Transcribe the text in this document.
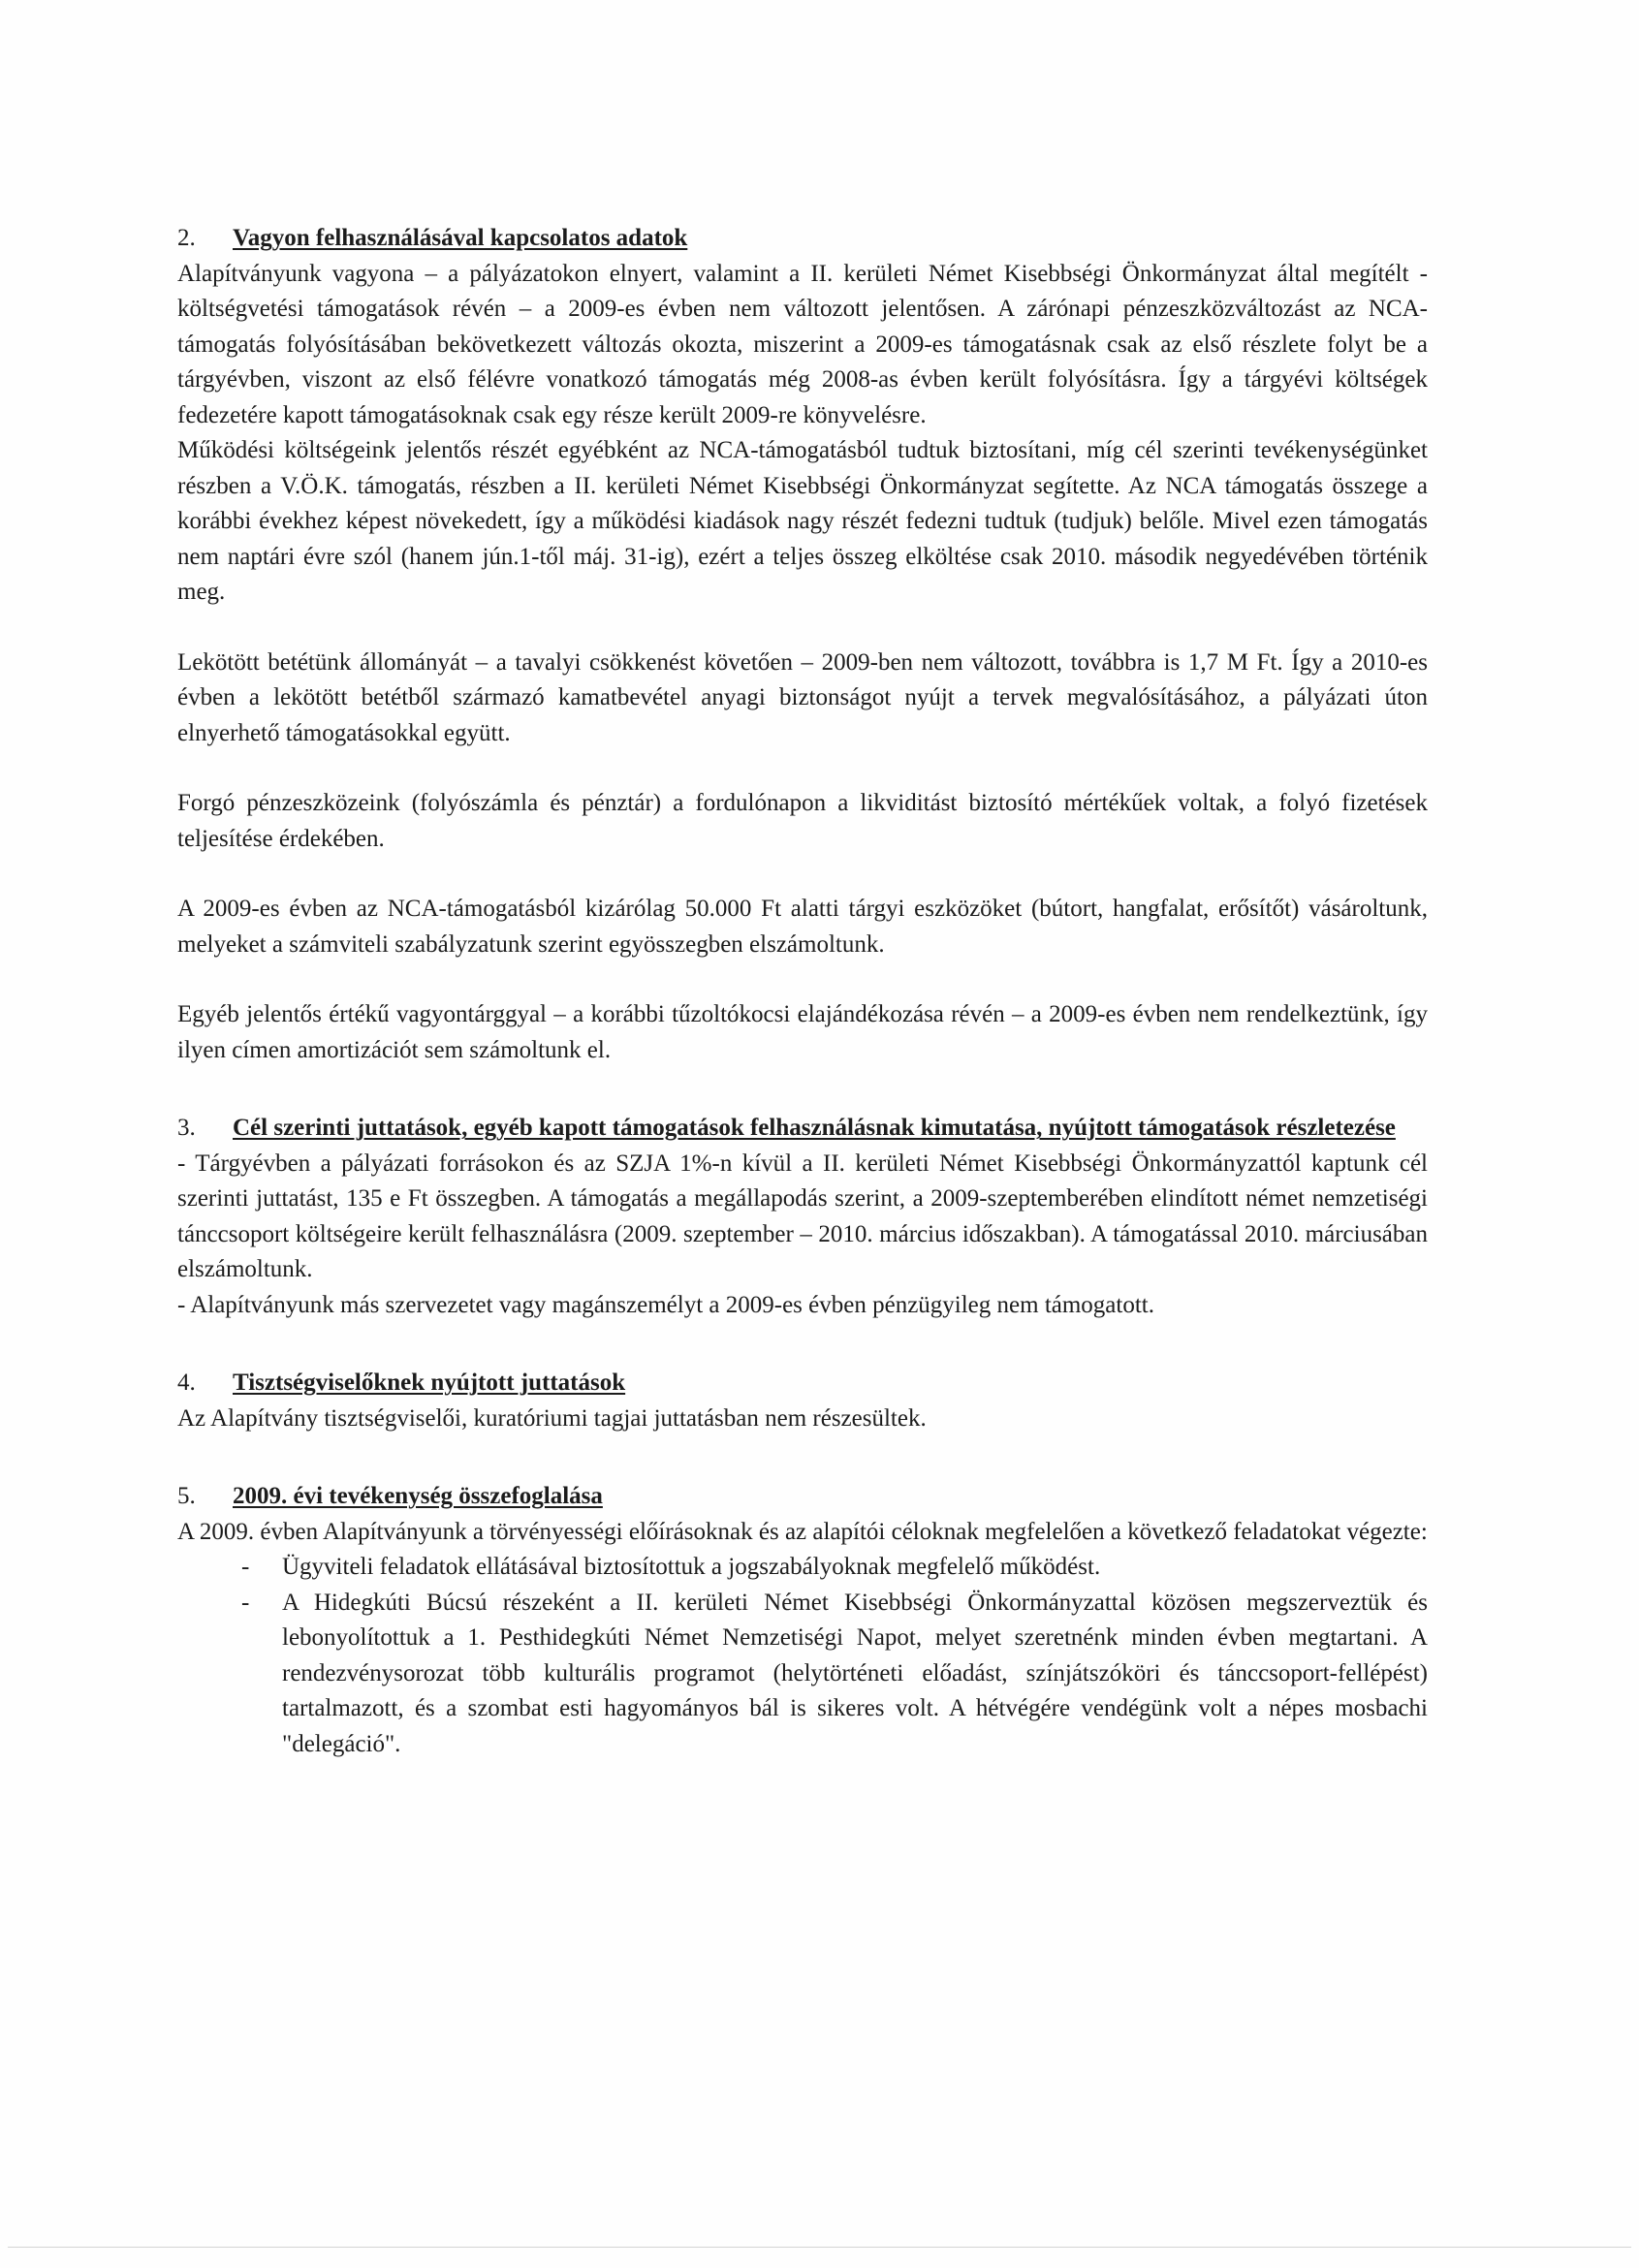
2.	Vagyon felhasználásával kapcsolatos adatok

Alapítványunk vagyona – a pályázatokon elnyert, valamint a II. kerületi Német Kisebbségi Önkormányzat által megítélt - költségvetési támogatások révén – a 2009-es évben nem változott jelentősen. A zárónapi pénzeszközváltozást az NCA-támogatás folyósításában bekövetkezett változás okozta, miszerint a 2009-es támogatásnak csak az első részlete folyt be a tárgyévben, viszont az első félévre vonatkozó támogatás még 2008-as évben került folyósításra. Így a tárgyévi költségek fedezetére kapott támogatásoknak csak egy része került 2009-re könyvelésre.

Működési költségeink jelentős részét egyébként az NCA-támogatásból tudtuk biztosítani, míg cél szerinti tevékenységünket részben a V.Ö.K. támogatás, részben a II. kerületi Német Kisebbségi Önkormányzat segítette. Az NCA támogatás összege a korábbi évekhez képest növekedett, így a működési kiadások nagy részét fedezni tudtuk (tudjuk) belőle. Mivel ezen támogatás nem naptári évre szól (hanem jún.1-től máj. 31-ig), ezért a teljes összeg elköltése csak 2010. második negyedévében történik meg.

Lekötött betétünk állományát – a tavalyi csökkenést követően – 2009-ben nem változott, továbbra is 1,7 M Ft. Így a 2010-es évben a lekötött betétből származó kamatbevétel anyagi biztonságot nyújt a tervek megvalósításához, a pályázati úton elnyerhető támogatásokkal együtt.

Forgó pénzeszközeink (folyószámla és pénztár) a fordulónapon a likviditást biztosító mértékűek voltak, a folyó fizetések teljesítése érdekében.

A 2009-es évben az NCA-támogatásból kizárólag 50.000 Ft alatti tárgyi eszközöket (bútort, hangfalat, erősítőt) vásároltunk, melyeket a számviteli szabályzatunk szerint egyösszegben elszámoltunk.

Egyéb jelentős értékű vagyontárggyal – a korábbi tűzoltókocsi elajándékozása révén – a 2009-es évben nem rendelkeztünk, így ilyen címen amortizációt sem számoltunk el.

3.	Cél szerinti juttatások, egyéb kapott támogatások felhasználásnak kimutatása, nyújtott támogatások részletezése

- Tárgyévben a pályázati forrásokon és az SZJA 1%-n kívül a II. kerületi Német Kisebbségi Önkormányzattól kaptunk cél szerinti juttatást, 135 e Ft összegben. A támogatás a megállapodás szerint, a 2009-szeptemberében elindított német nemzetiségi tánccsoport költségeire került felhasználásra (2009. szeptember – 2010. március időszakban). A támogatással 2010. márciusában elszámoltunk.

- Alapítványunk más szervezetet vagy magánszemélyt a 2009-es évben pénzügyileg nem támogatott.

4.	Tisztségviselőknek nyújtott juttatások

Az Alapítvány tisztségviselői, kuratóriumi tagjai juttatásban nem részesültek.

5.	2009. évi tevékenység összefoglalása

A 2009. évben Alapítványunk a törvényességi előírásoknak és az alapítói céloknak megfelelően a következő feladatokat végezte:

- Ügyviteli feladatok ellátásával biztosítottuk a jogszabályoknak megfelelő működést.
- A Hidegkúti Búcsú részeként a II. kerületi Német Kisebbségi Önkormányzattal közösen megszerveztük és lebonyolítottuk a 1. Pesthidegkúti Német Nemzetiségi Napot, melyet szeretnénk minden évben megtartani. A rendezvénysorozat több kulturális programot (helytörténeti előadást, színjátszóköri és tánccsoport-fellépést) tartalmazott, és a szombat esti hagyományos bál is sikeres volt. A hétvégére vendégünk volt a népes mosbachi "delegáció".
